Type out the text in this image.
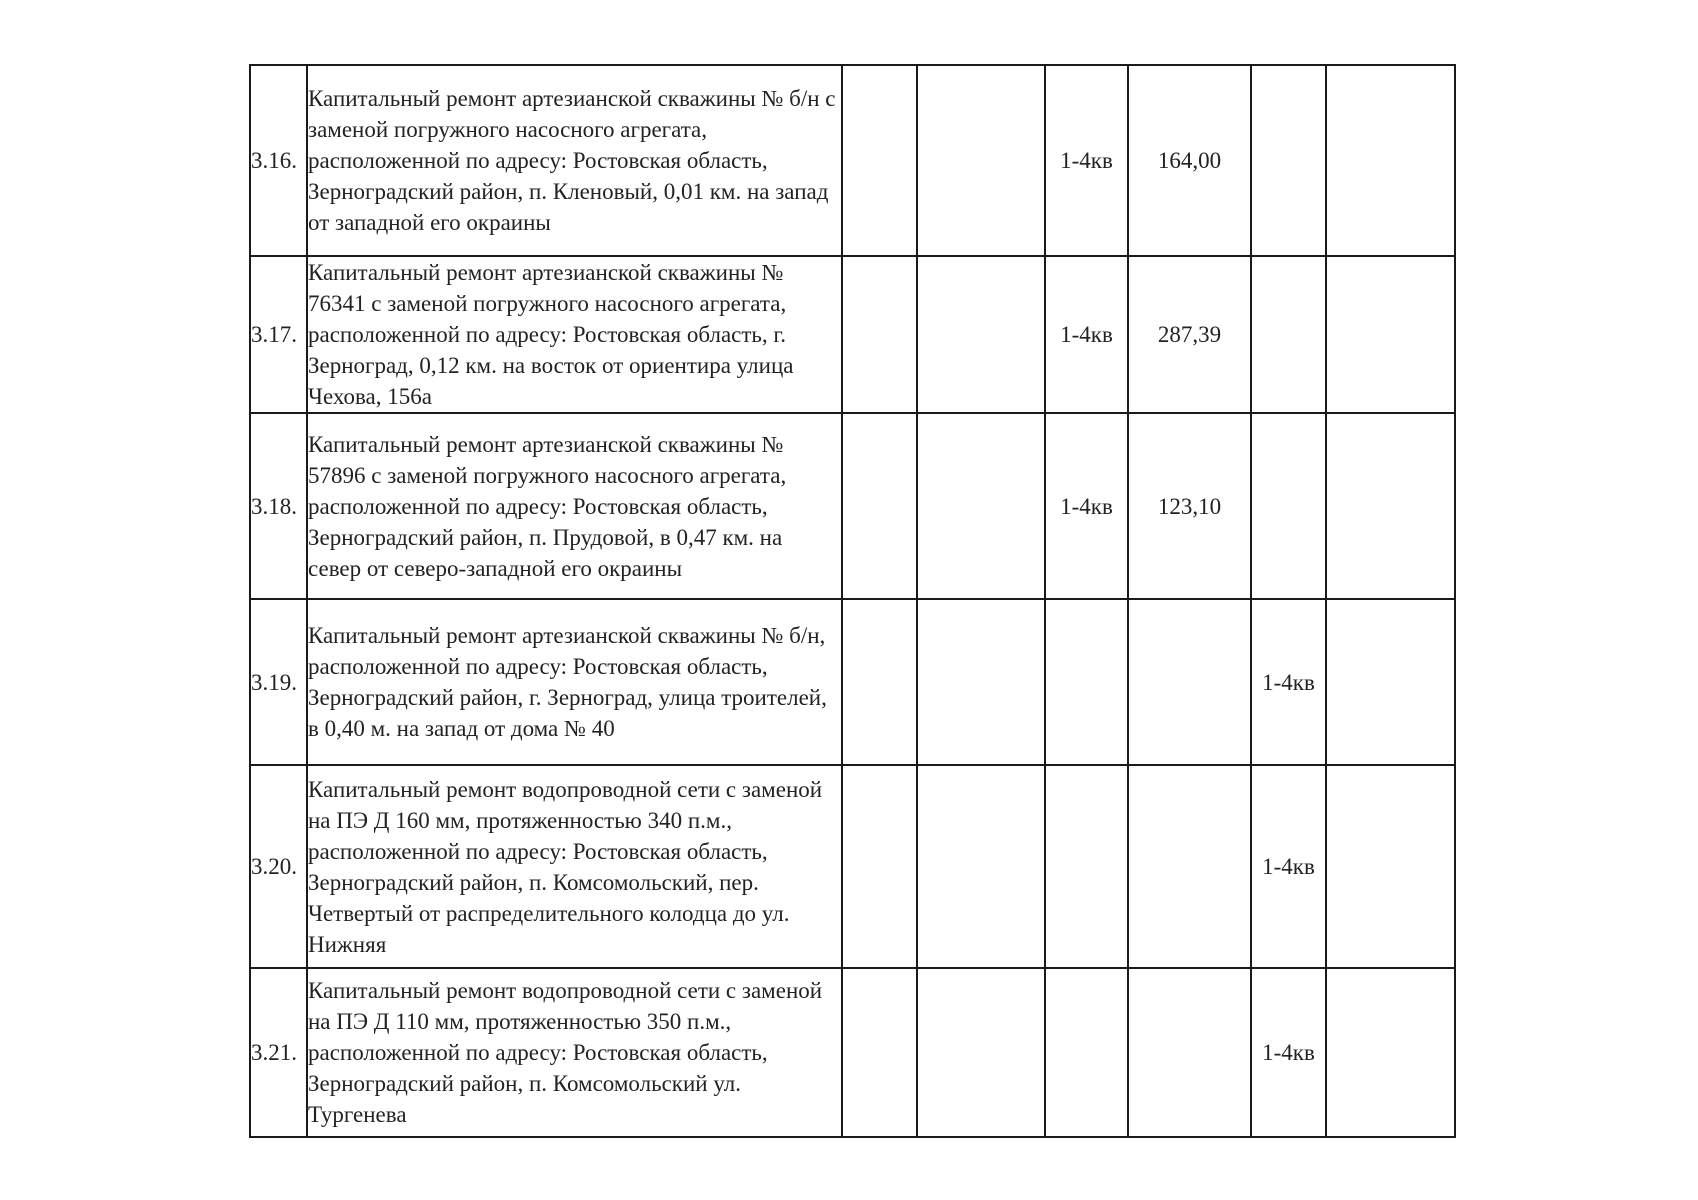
3.16.	Капитальный ремонт артезианской скважины № б/н с заменой погружного насосного агрегата, расположенной по адресу: Ростовская область, Зерноградский район, п. Кленовый, 0,01 км. на запад от западной его окраины			1-4кв	164,00		
3.17.	Капитальный ремонт артезианской скважины № 76341 с заменой погружного насосного агрегата, расположенной по адресу: Ростовская область, г. Зерноград, 0,12 км. на восток от ориентира улица Чехова, 156а			1-4кв	287,39		
3.18.	Капитальный ремонт артезианской скважины № 57896 с заменой погружного насосного агрегата, расположенной по адресу: Ростовская область, Зерноградский район, п. Прудовой, в 0,47 км. на север от северо-западной его окраины			1-4кв	123,10		
3.19.	Капитальный ремонт артезианской скважины № б/н, расположенной по адресу: Ростовская область, Зерноградский район, г. Зерноград, улица троителей, в 0,40 м. на запад от дома № 40					1-4кв	
3.20.	Капитальный ремонт водопроводной сети с заменой на ПЭ Д 160 мм, протяженностью 340 п.м., расположенной по адресу: Ростовская область, Зерноградский район, п. Комсомольский, пер. Четвертый от распределительного колодца до ул. Нижняя					1-4кв	
3.21.	Капитальный ремонт водопроводной сети с заменой на ПЭ Д 110 мм, протяженностью 350 п.м., расположенной по адресу: Ростовская область, Зерноградский район, п. Комсомольский ул. Тургенева					1-4кв	
